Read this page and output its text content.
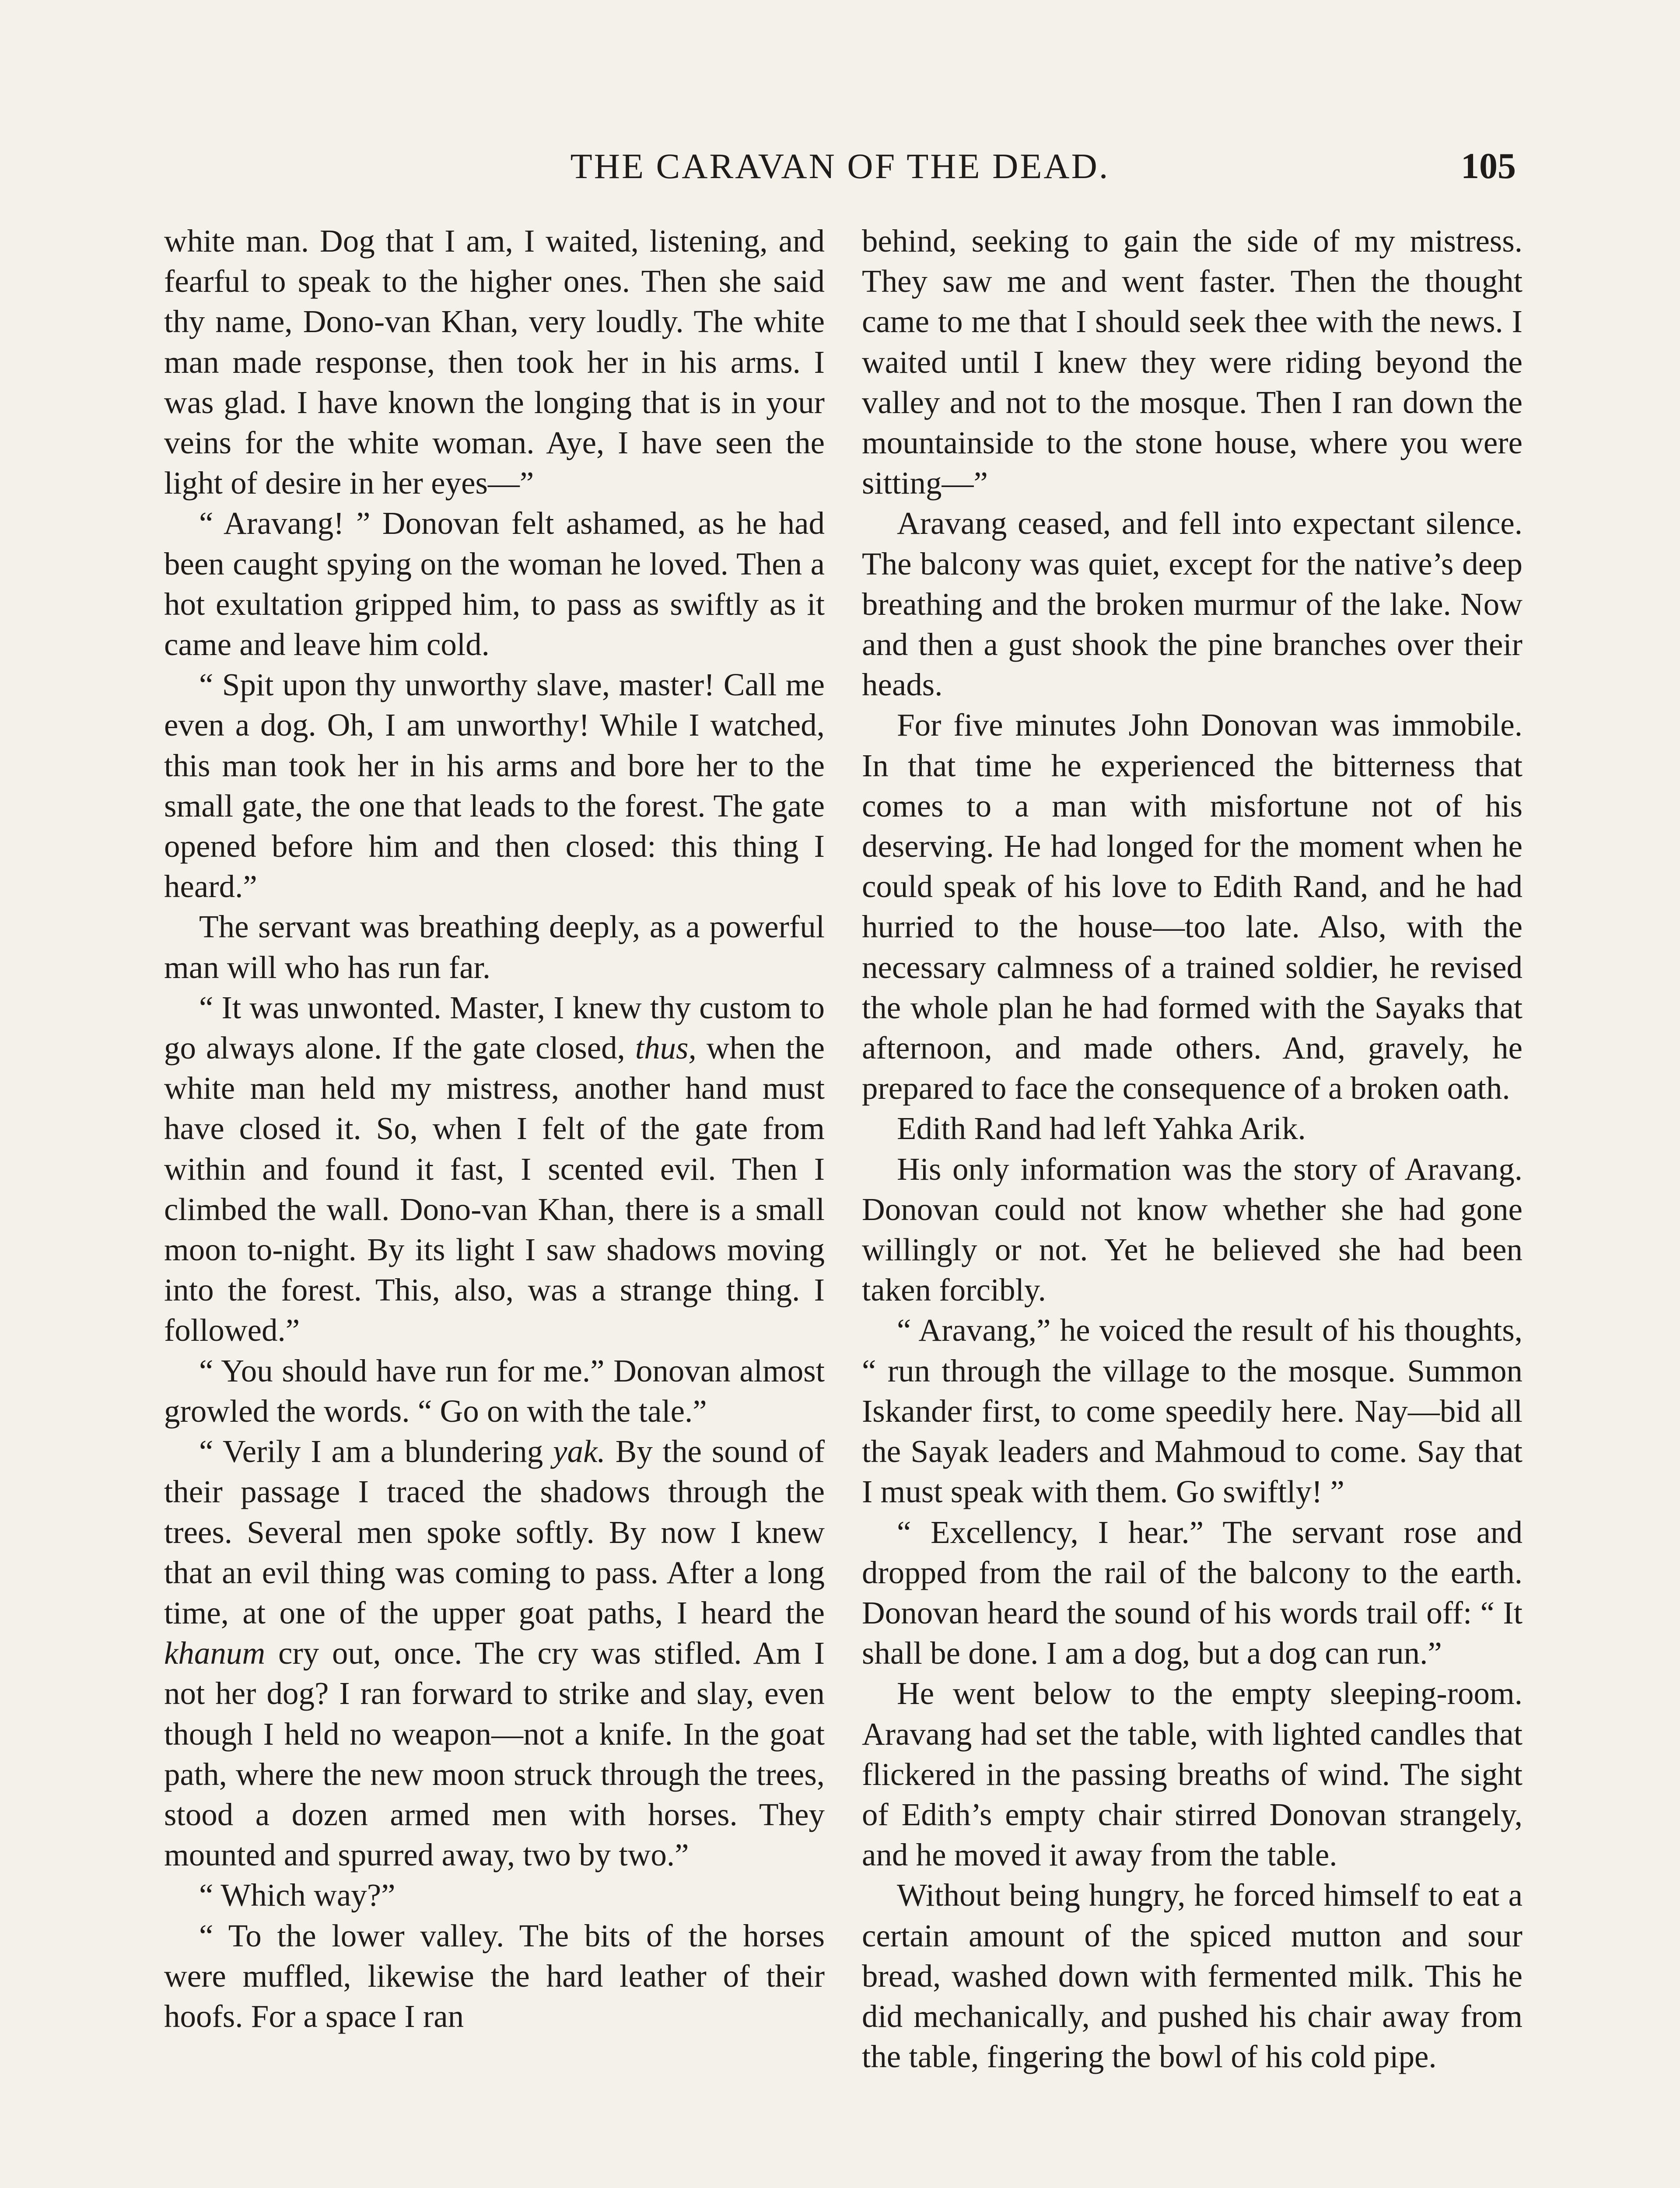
THE CARAVAN OF THE DEAD.	105

white man. Dog that I am, I waited, listening, and fearful to speak to the higher ones. Then she said thy name, Dono-van Khan, very loudly. The white man made response, then took her in his arms. I was glad. I have known the longing that is in your veins for the white woman. Aye, I have seen the light of desire in her eyes—”

“ Aravang! ” Donovan felt ashamed, as he had been caught spying on the woman he loved. Then a hot exultation gripped him, to pass as swiftly as it came and leave him cold.

“ Spit upon thy unworthy slave, master! Call me even a dog. Oh, I am unworthy! While I watched, this man took her in his arms and bore her to the small gate, the one that leads to the forest. The gate opened before him and then closed: this thing I heard.”

The servant was breathing deeply, as a powerful man will who has run far.

“ It was unwonted. Master, I knew thy custom to go always alone. If the gate closed, thus, when the white man held my mistress, another hand must have closed it. So, when I felt of the gate from within and found it fast, I scented evil. Then I climbed the wall. Dono-van Khan, there is a small moon to-night. By its light I saw shadows moving into the forest. This, also, was a strange thing. I followed.”

“ You should have run for me.” Donovan almost growled the words. “ Go on with the tale.”

“ Verily I am a blundering yak. By the sound of their passage I traced the shadows through the trees. Several men spoke softly. By now I knew that an evil thing was coming to pass. After a long time, at one of the upper goat paths, I heard the khanum cry out, once. The cry was stifled. Am I not her dog? I ran forward to strike and slay, even though I held no weapon—not a knife. In the goat path, where the new moon struck through the trees, stood a dozen armed men with horses. They mounted and spurred away, two by two.”

“ Which way?”

“ To the lower valley. The bits of the horses were muffled, likewise the hard leather of their hoofs. For a space I ran

behind, seeking to gain the side of my mistress. They saw me and went faster. Then the thought came to me that I should seek thee with the news. I waited until I knew they were riding beyond the valley and not to the mosque. Then I ran down the mountainside to the stone house, where you were sitting—”

Aravang ceased, and fell into expectant silence. The balcony was quiet, except for the native’s deep breathing and the broken murmur of the lake. Now and then a gust shook the pine branches over their heads.

For five minutes John Donovan was immobile. In that time he experienced the bitterness that comes to a man with misfortune not of his deserving. He had longed for the moment when he could speak of his love to Edith Rand, and he had hurried to the house—too late. Also, with the necessary calmness of a trained soldier, he revised the whole plan he had formed with the Sayaks that afternoon, and made others. And, gravely, he prepared to face the consequence of a broken oath.

Edith Rand had left Yahka Arik.

His only information was the story of Aravang. Donovan could not know whether she had gone willingly or not. Yet he believed she had been taken forcibly.

“ Aravang,” he voiced the result of his thoughts, “ run through the village to the mosque. Summon Iskander first, to come speedily here. Nay—bid all the Sayak leaders and Mahmoud to come. Say that I must speak with them. Go swiftly! ”

“ Excellency, I hear.” The servant rose and dropped from the rail of the balcony to the earth. Donovan heard the sound of his words trail off: “ It shall be done. I am a dog, but a dog can run.”

He went below to the empty sleeping-room. Aravang had set the table, with lighted candles that flickered in the passing breaths of wind. The sight of Edith’s empty chair stirred Donovan strangely, and he moved it away from the table.

Without being hungry, he forced himself to eat a certain amount of the spiced mutton and sour bread, washed down with fermented milk. This he did mechanically, and pushed his chair away from the table, fingering the bowl of his cold pipe.
